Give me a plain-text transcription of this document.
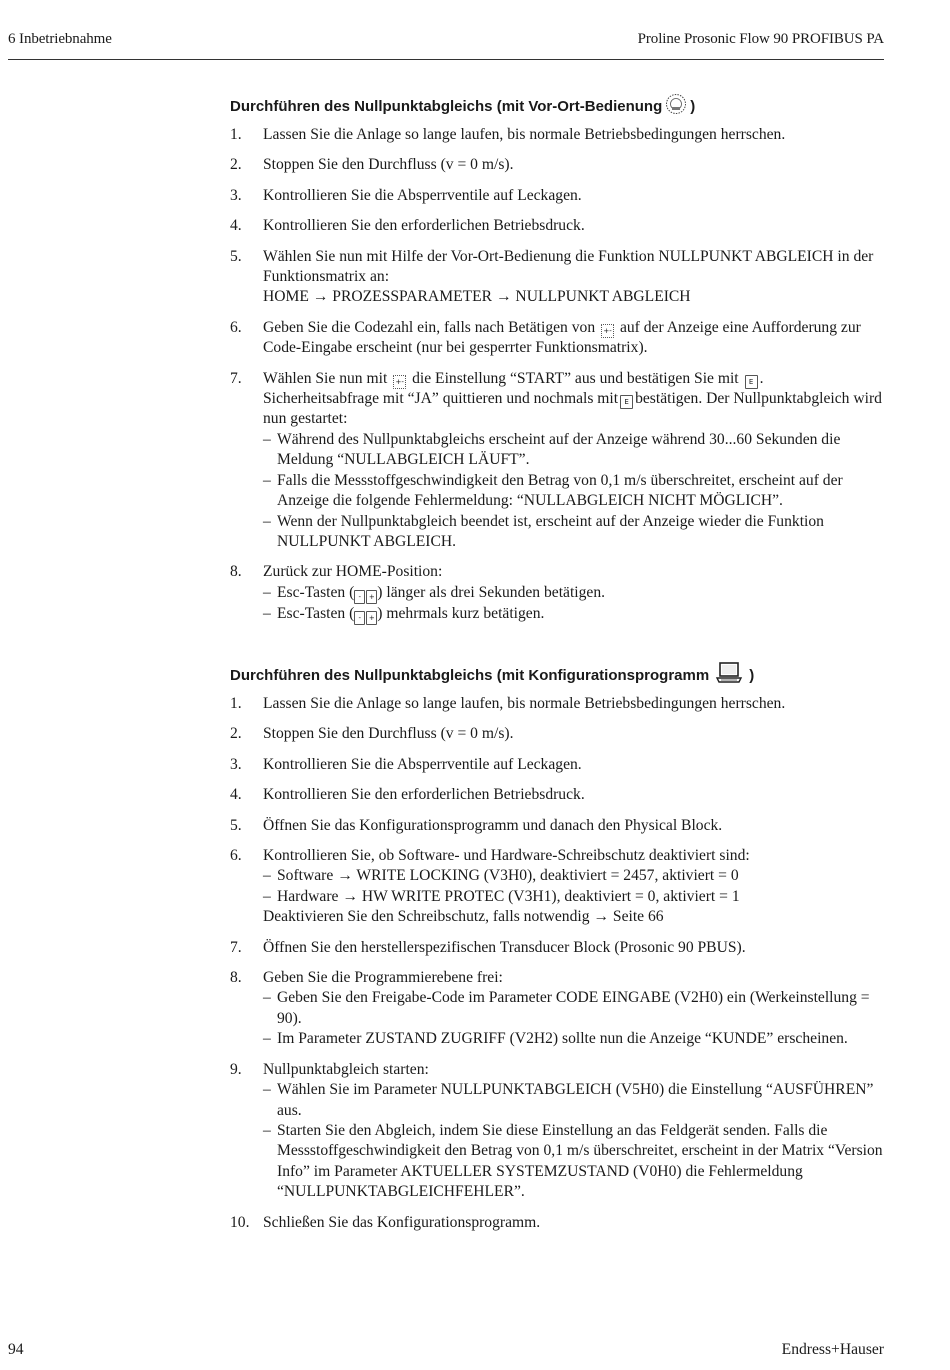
6 Inbetriebnahme	Proline Prosonic Flow 90 PROFIBUS PA
Durchführen des Nullpunktabgleichs (mit Vor-Ort-Bedienung )
1. Lassen Sie die Anlage so lange laufen, bis normale Betriebsbedingungen herrschen.
2. Stoppen Sie den Durchfluss (v = 0 m/s).
3. Kontrollieren Sie die Absperrventile auf Leckagen.
4. Kontrollieren Sie den erforderlichen Betriebsdruck.
5. Wählen Sie nun mit Hilfe der Vor-Ort-Bedienung die Funktion NULLPUNKT ABGLEICH in der Funktionsmatrix an:
HOME → PROZESSPARAMETER → NULLPUNKT ABGLEICH
6. Geben Sie die Codezahl ein, falls nach Betätigen von +- auf der Anzeige eine Aufforderung zur Code-Eingabe erscheint (nur bei gesperrter Funktionsmatrix).
7. Wählen Sie nun mit +- die Einstellung “START” aus und bestätigen Sie mit E .
Sicherheitsabfrage mit “JA” quittieren und nochmals mit E bestätigen. Der Nullpunktabgleich wird nun gestartet:
– Während des Nullpunktabgleichs erscheint auf der Anzeige während 30...60 Sekunden die Meldung “NULLABGLEICH LÄUFT”.
– Falls die Messstoffgeschwindigkeit den Betrag von 0,1 m/s überschreitet, erscheint auf der Anzeige die folgende Fehlermeldung: “NULLABGLEICH NICHT MÖGLICH”.
– Wenn der Nullpunktabgleich beendet ist, erscheint auf der Anzeige wieder die Funktion NULLPUNKT ABGLEICH.
8. Zurück zur HOME-Position:
– Esc-Tasten ( -	+ ) länger als drei Sekunden betätigen.
– Esc-Tasten ( -	+ ) mehrmals kurz betätigen.
Durchführen des Nullpunktabgleichs (mit Konfigurationsprogramm	)
1. Lassen Sie die Anlage so lange laufen, bis normale Betriebsbedingungen herrschen.
2. Stoppen Sie den Durchfluss (v = 0 m/s).
3. Kontrollieren Sie die Absperrventile auf Leckagen.
4. Kontrollieren Sie den erforderlichen Betriebsdruck.
5. Öffnen Sie das Konfigurationsprogramm und danach den Physical Block.
6. Kontrollieren Sie, ob Software- und Hardware-Schreibschutz deaktiviert sind:
– Software → WRITE LOCKING (V3H0), deaktiviert = 2457, aktiviert = 0
– Hardware → HW WRITE PROTEC (V3H1), deaktiviert = 0, aktiviert = 1
Deaktivieren Sie den Schreibschutz, falls notwendig → Seite 66
7. Öffnen Sie den herstellerspezifischen Transducer Block (Prosonic 90 PBUS).
8. Geben Sie die Programmierebene frei:
– Geben Sie den Freigabe-Code im Parameter CODE EINGABE (V2H0) ein (Werkeinstellung = 90).
– Im Parameter ZUSTAND ZUGRIFF (V2H2) sollte nun die Anzeige “KUNDE” erscheinen.
9. Nullpunktabgleich starten:
– Wählen Sie im Parameter NULLPUNKTABGLEICH (V5H0) die Einstellung “AUSFÜHREN” aus.
– Starten Sie den Abgleich, indem Sie diese Einstellung an das Feldgerät senden. Falls die Messstoffgeschwindigkeit den Betrag von 0,1 m/s überschreitet, erscheint in der Matrix “Version Info” im Parameter AKTUELLER SYSTEMZUSTAND (V0H0) die Fehlermeldung “NULLPUNKTABGLEICHFEHLER”.
10. Schließen Sie das Konfigurationsprogramm.
94	Endress+Hauser
